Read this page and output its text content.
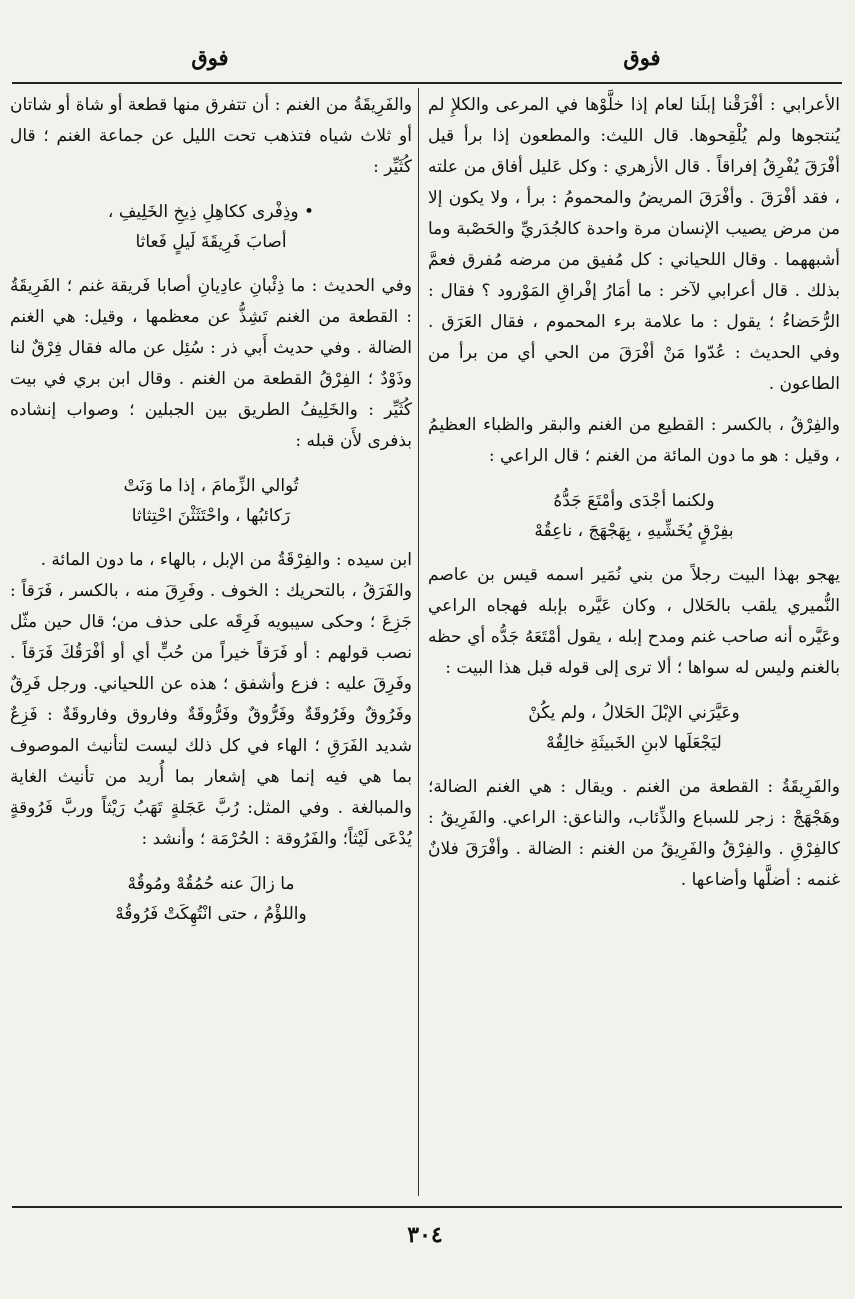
فوق
فوق

الأعرابي : أفْرَقْنا إبلَنا لعام إذا خلَّوْها في المرعى والكلإِ لم يُنتجوها ولم يُلْقِحوها. قال الليث: والمطعون إذا برأ قيل أفْرَقَ يُفْرِقُ إفراقاً . قال الأزهري : وكل عَليل أفاق من علته ، فقد أفْرَقَ . وأفْرَقَ المريضُ والمحمومُ : برأ ، ولا يكون إلا من مرض يصيب الإنسان مرة واحدة كالجُدَريِّ والحَصْبة وما أشبههما . وقال اللحياني : كل مُفيق من مرضه مُفرق فعمَّ بذلك . قال أعرابي لآخر : ما أمَارُ إفْراقِ المَوْرود ؟ فقال : الرُّحَضاءُ ؛ يقول : ما علامة برء المحموم ، فقال العَرَق . وفي الحديث : عُدّوا مَنْ أفْرَقَ من الحي أي من برأ من الطاعون .

والفِرْقُ ، بالكسر : القطيع من الغنم والبقر والظباء العظيمُ ، وقيل : هو ما دون المائة من الغنم ؛ قال الراعي :

ولكنما أجْدَى وأمْتَعَ جَدُّهُ
بفِرْقٍ يُخَشِّيهِ ، بِهَجْهَجَ ، ناعِقُهْ

يهجو بهذا البيت رجلاً من بني نُمَير اسمه قيس بن عاصم النُّميري يلقب بالحَلال ، وكان عَيَّره بإبله فهجاه الراعي وعَيَّره أنه صاحب غنم ومدح إبله ، يقول أمْتَعَهُ جَدُّه أي حظه بالغنم وليس له سواها ؛ ألا ترى إلى قوله قبل هذا البيت :

وعَيَّرَني الإبْلَ الحَلالُ ، ولم يكُنْ
ليَجْعَلَها لابنِ الخَبيثَةِ خالِقُهْ

والفَرِيقَةُ : القطعة من الغنم . ويقال : هي الغنم الضالة؛ وهَجْهَجْ : زجر للسباع والذِّئاب، والناعق: الراعي. والفَرِيقُ : كالفِرْقِ . والفِرْقُ والفَرِيقُ من الغنم : الضالة . وأفْرَقَ فلانٌ غنمه : أضلَّها وأضاعها .

والفَرِيقَةُ من الغنم : أن تتفرق منها قطعة أو شاة أو شاتان أو ثلاث شياه فتذهب تحت الليل عن جماعة الغنم ؛ قال كُثَيِّر :

• وذِفْرى ككاهِلِ ذِيخِ الخَلِيفِ ،
أصابَ فَرِيقَةَ لَيلٍ فَعاثا

وفي الحديث : ما ذِئْبانِ عادِيانِ أصابا فَريقة غنم ؛ الفَرِيقَةُ : القطعة من الغنم تَشِذُّ عن معظمها ، وقيل: هي الغنم الضالة . وفي حديث أَبي ذر : سُئِل عن ماله فقال فِرْقٌ لنا وذَوْدٌ ؛ الفِرْقُ القطعة من الغنم . وقال ابن بري في بيت كُثَيِّر : والخَلِيفُ الطريق بين الجبلين ؛ وصواب إنشاده بذفرى لأَن قبله :

تُوالي الزِّمامَ ، إذا ما وَنَتْ
رَكائبُها ، واحْتَثَثْنَ احْتِثاثا

ابن سيده : والفِرْقَةُ من الإبل ، بالهاء ، ما دون المائة .

والفَرَقُ ، بالتحريك : الخوف . وفَرِقَ منه ، بالكسر ، فَرَقاً : جَزِعَ ؛ وحكى سيبويه فَرِقَه على حذف من؛ قال حين مثّل نصب قولهم : أو فَرَقاً خيراً من حُبٍّ أي أو أفْرَقُكَ فَرَقاً . وفَرِقَ عليه : فزع وأشفق ؛ هذه عن اللحياني. ورجل فَرِقٌ وفَرُوقٌ وفَرُوقَةٌ وفَرُّوقٌ وفَرُّوقَةٌ وفاروق وفاروقَةٌ : فَزِعٌ شديد الفَرَقِ ؛ الهاء في كل ذلك ليست لتأنيث الموصوف بما هي فيه إنما هي إشعار بما أُريد من تأنيث الغاية والمبالغة . وفي المثل: رُبَّ عَجَلةٍ تَهَبُ رَيْثاً وربَّ فَرُوقةٍ يُدْعَى لَيْثاً؛ والفَرُوقة : الحُرْمَة ؛ وأنشد :

ما زالَ عنه حُمُقُهْ ومُوقُهْ
واللؤْمُ ، حتى انْتُهِكَتْ فَرُوقُهْ
٣٠٤
